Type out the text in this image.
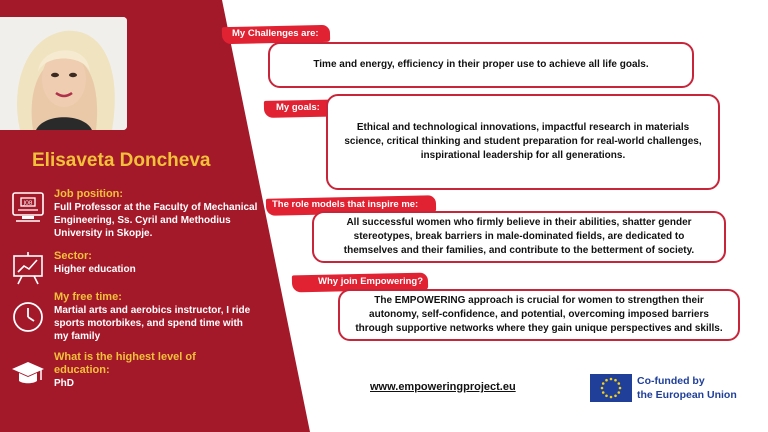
Elisaveta Doncheva
JOB
Job position:
Full Professor at the Faculty of Mechanical Engineering, Ss. Cyril and Methodius University in Skopje.
Sector:
Higher education
My free time:
Martial arts and aerobics instructor, I ride sports motorbikes, and spend time with my family
What is the highest level of education:
PhD
My Challenges are:
Time and energy, efficiency in their proper use to achieve all life goals.
My goals:
Ethical and technological innovations, impactful research in materials science, critical thinking and student preparation for real-world challenges, inspirational leadership for all generations.
The role models that inspire me:
All successful women who firmly believe in their abilities, shatter gender stereotypes, break barriers in male-dominated fields, are dedicated to themselves and their families, and contribute to the betterment of society.
Why join Empowering?
The EMPOWERING approach is crucial for women to strengthen their autonomy, self-confidence, and potential, overcoming imposed barriers through supportive networks where they gain unique perspectives and skills.
www.empoweringproject.eu	Co-funded by
the European Union
